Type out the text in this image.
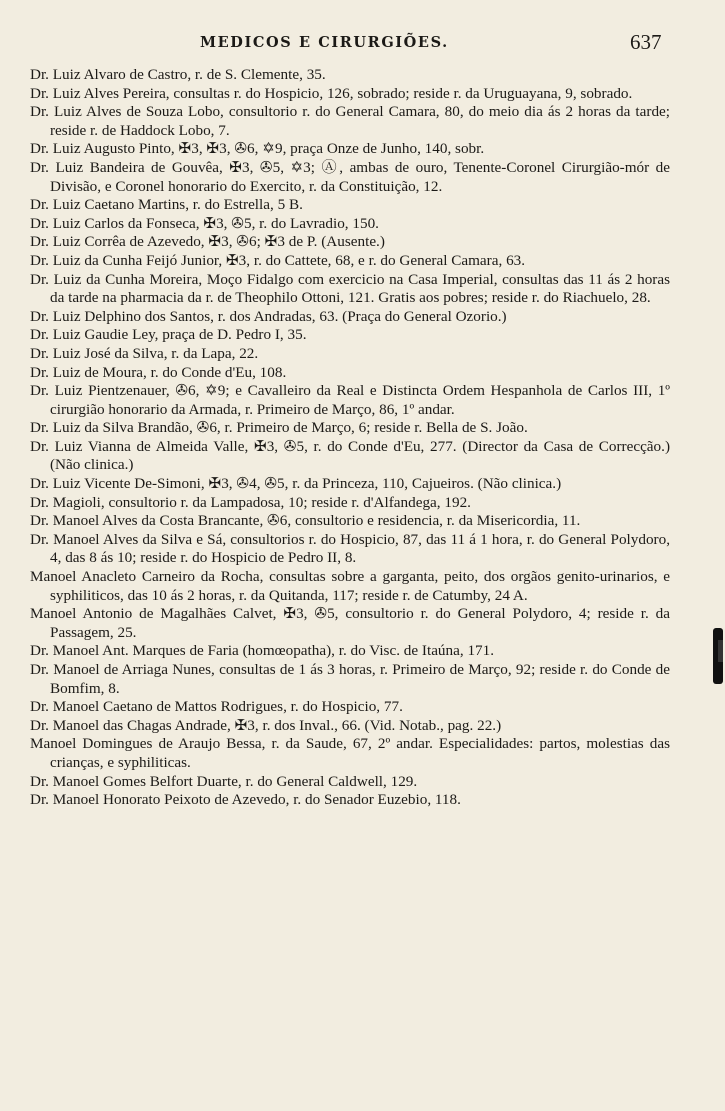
MEDICOS E CIRURGIÕES.	637
Dr. Luiz Alvaro de Castro, r. de S. Clemente, 35.
Dr. Luiz Alves Pereira, consultas r. do Hospicio, 126, sobrado; reside r. da Uruguayana, 9, sobrado.
Dr. Luiz Alves de Souza Lobo, consultorio r. do General Camara, 80, do meio dia ás 2 horas da tarde; reside r. de Haddock Lobo, 7.
Dr. Luiz Augusto Pinto, ✠3, ✠3, ✇6, ✡9, praça Onze de Junho, 140, sobr.
Dr. Luiz Bandeira de Gouvêa, ✠3, ✇5, ✡3; Ⓐ, ambas de ouro, Tenente-Coronel Cirurgião-mór de Divisão, e Coronel honorario do Exercito, r. da Constituição, 12.
Dr. Luiz Caetano Martins, r. do Estrella, 5 B.
Dr. Luiz Carlos da Fonseca, ✠3, ✇5, r. do Lavradio, 150.
Dr. Luiz Corrêa de Azevedo, ✠3, ✇6; ✠3 de P. (Ausente.)
Dr. Luiz da Cunha Feijó Junior, ✠3, r. do Cattete, 68, e r. do General Camara, 63.
Dr. Luiz da Cunha Moreira, Moço Fidalgo com exercicio na Casa Imperial, consultas das 11 ás 2 horas da tarde na pharmacia da r. de Theophilo Ottoni, 121. Gratis aos pobres; reside r. do Riachuelo, 28.
Dr. Luiz Delphino dos Santos, r. dos Andradas, 63. (Praça do General Ozorio.)
Dr. Luiz Gaudie Ley, praça de D. Pedro I, 35.
Dr. Luiz José da Silva, r. da Lapa, 22.
Dr. Luiz de Moura, r. do Conde d'Eu, 108.
Dr. Luiz Pientzenauer, ✇6, ✡9; e Cavalleiro da Real e Distincta Ordem Hespanhola de Carlos III, 1º cirurgião honorario da Armada, r. Primeiro de Março, 86, 1º andar.
Dr. Luiz da Silva Brandão, ✇6, r. Primeiro de Março, 6; reside r. Bella de S. João.
Dr. Luiz Vianna de Almeida Valle, ✠3, ✇5, r. do Conde d'Eu, 277. (Director da Casa de Correcção.) (Não clinica.)
Dr. Luiz Vicente De-Simoni, ✠3, ✇4, ✇5, r. da Princeza, 110, Cajueiros. (Não clinica.)
Dr. Magioli, consultorio r. da Lampadosa, 10; reside r. d'Alfandega, 192.
Dr. Manoel Alves da Costa Brancante, ✇6, consultorio e residencia, r. da Misericordia, 11.
Dr. Manoel Alves da Silva e Sá, consultorios r. do Hospicio, 87, das 11 á 1 hora, r. do General Polydoro, 4, das 8 ás 10; reside r. do Hospicio de Pedro II, 8.
Manoel Anacleto Carneiro da Rocha, consultas sobre a garganta, peito, dos orgãos genito-urinarios, e syphiliticos, das 10 ás 2 horas, r. da Quitanda, 117; reside r. de Catumby, 24 A.
Manoel Antonio de Magalhães Calvet, ✠3, ✇5, consultorio r. do General Polydoro, 4; reside r. da Passagem, 25.
Dr. Manoel Ant. Marques de Faria (homœopatha), r. do Visc. de Itaúna, 171.
Dr. Manoel de Arriaga Nunes, consultas de 1 ás 3 horas, r. Primeiro de Março, 92; reside r. do Conde de Bomfim, 8.
Dr. Manoel Caetano de Mattos Rodrigues, r. do Hospicio, 77.
Dr. Manoel das Chagas Andrade, ✠3, r. dos Inval., 66. (Vid. Notab., pag. 22.)
Manoel Domingues de Araujo Bessa, r. da Saude, 67, 2º andar. Especialidades: partos, molestias das crianças, e syphiliticas.
Dr. Manoel Gomes Belfort Duarte, r. do General Caldwell, 129.
Dr. Manoel Honorato Peixoto de Azevedo, r. do Senador Euzebio, 118.
